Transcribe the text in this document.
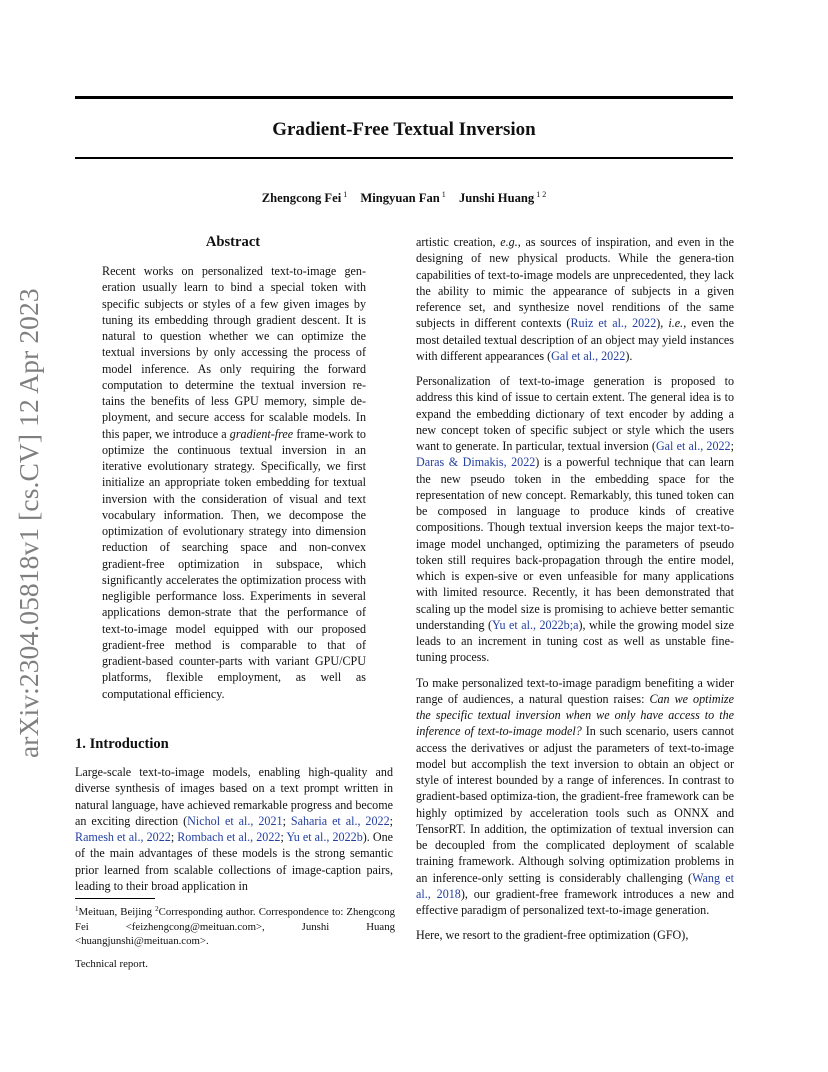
Gradient-Free Textual Inversion
Zhengcong Fei $^1$ Mingyuan Fan $^1$ Junshi Huang $^{1 2}$
arXiv:2304.05818v1 [cs.CV] 12 Apr 2023
Abstract

Recent works on personalized text-to-image gen-eration usually learn to bind a special token with specific subjects or styles of a few given images by tuning its embedding through gradient descent. It is natural to question whether we can optimize the textual inversions by only accessing the process of model inference. As only requiring the forward computation to determine the textual inversion re-tains the benefits of less GPU memory, simple de-ployment, and secure access for scalable models. In this paper, we introduce a gradient-free frame-work to optimize the continuous textual inversion in an iterative evolutionary strategy. Specifically, we first initialize an appropriate token embedding for textual inversion with the consideration of visual and text vocabulary information. Then, we decompose the optimization of evolutionary strategy into dimension reduction of searching space and non-convex gradient-free optimization in subspace, which significantly accelerates the optimization process with negligible performance loss. Experiments in several applications demon-strate that the performance of text-to-image model equipped with our proposed gradient-free method is comparable to that of gradient-based counter-parts with variant GPU/CPU platforms, flexible employment, as well as computational efficiency.

1. Introduction

Large-scale text-to-image models, enabling high-quality and diverse synthesis of images based on a text prompt written in natural language, have achieved remarkable progress and become an exciting direction (Nichol et al., 2021; Saharia et al., 2022; Ramesh et al., 2022; Rombach et al., 2022; Yu et al., 2022b). One of the main advantages of these models is the strong semantic prior learned from scalable collections of image-caption pairs, leading to their broad application in

$^1$Meituan, Beijing $^2$Corresponding author. Correspondence to: Zhengcong Fei <feizhengcong@meituan.com>, Junshi Huang <huangjunshi@meituan.com>.
Technical report.

artistic creation, e.g., as sources of inspiration, and even in the designing of new physical products. While the genera-tion capabilities of text-to-image models are unprecedented, they lack the ability to mimic the appearance of subjects in a given reference set, and synthesize novel renditions of the same subjects in different contexts (Ruiz et al., 2022), i.e., even the most detailed textual description of an object may yield instances with different appearances (Gal et al., 2022).

Personalization of text-to-image generation is proposed to address this kind of issue to certain extent. The general idea is to expand the embedding dictionary of text encoder by adding a new concept token of specific subject or style which the users want to generate. In particular, textual inversion (Gal et al., 2022; Daras & Dimakis, 2022) is a powerful technique that can learn the new pseudo token in the embedding space for the representation of new concept. Remarkably, this tuned token can be composed in language to produce kinds of creative compositions. Though textual inversion keeps the major text-to-image model unchanged, optimizing the parameters of pseudo token still requires back-propagation through the entire model, which is expen-sive or even unfeasible for many applications with limited resource. Recently, it has been demonstrated that scaling up the model size is promising to achieve better semantic understanding (Yu et al., 2022b;a), while the growing model size leads to an increment in tuning cost as well as unstable fine-tuning process.

To make personalized text-to-image paradigm benefiting a wider range of audiences, a natural question raises: Can we optimize the specific textual inversion when we only have access to the inference of text-to-image model? In such scenario, users cannot access the derivatives or adjust the parameters of text-to-image model but accomplish the text inversion to obtain an object or style of interest bounded by a range of inferences. In contrast to gradient-based optimiza-tion, the gradient-free framework can be highly optimized by acceleration tools such as ONNX and TensorRT. In addition, the optimization of textual inversion can be decoupled from the complicated deployment of scalable training framework. Although solving optimization problems in an inference-only setting is considerably challenging (Wang et al., 2018), our gradient-free framework introduces a new and effective paradigm of personalized text-to-image generation.

Here, we resort to the gradient-free optimization (GFO),
